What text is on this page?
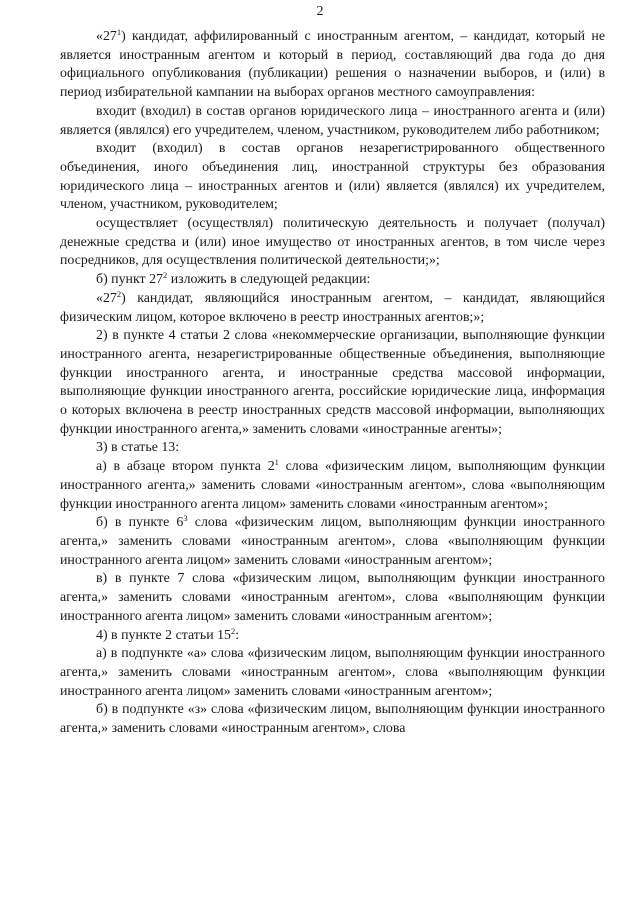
2

«$27^1$) кандидат, аффилированный с иностранным агентом, – кандидат, который не является иностранным агентом и который в период, составляющий два года до дня официального опубликования (публикации) решения о назначении выборов, и (или) в период избирательной кампании на выборах органов местного самоуправления:

входит (входил) в состав органов юридического лица – иностранного агента и (или) является (являлся) его учредителем, членом, участником, руководителем либо работником;

входит (входил) в состав органов незарегистрированного общественного объединения, иного объединения лиц, иностранной структуры без образования юридического лица – иностранных агентов и (или) является (являлся) их учредителем, членом, участником, руководителем;

осуществляет (осуществлял) политическую деятельность и получает (получал) денежные средства и (или) иное имущество от иностранных агентов, в том числе через посредников, для осуществления политической деятельности;»;

б) пункт $27^2$ изложить в следующей редакции:

«$27^2$) кандидат, являющийся иностранным агентом, – кандидат, являющийся физическим лицом, которое включено в реестр иностранных агентов;»;

2) в пункте 4 статьи 2 слова «некоммерческие организации, выполняющие функции иностранного агента, незарегистрированные общественные объединения, выполняющие функции иностранного агента, и иностранные средства массовой информации, выполняющие функции иностранного агента, российские юридические лица, информация о которых включена в реестр иностранных средств массовой информации, выполняющих функции иностранного агента,» заменить словами «иностранные агенты»;

3) в статье 13:

а) в абзаце втором пункта $2^1$ слова «физическим лицом, выполняющим функции иностранного агента,» заменить словами «иностранным агентом», слова «выполняющим функции иностранного агента лицом» заменить словами «иностранным агентом»;

б) в пункте $6^3$ слова «физическим лицом, выполняющим функции иностранного агента,» заменить словами «иностранным агентом», слова «выполняющим функции иностранного агента лицом» заменить словами «иностранным агентом»;

в) в пункте 7 слова «физическим лицом, выполняющим функции иностранного агента,» заменить словами «иностранным агентом», слова «выполняющим функции иностранного агента лицом» заменить словами «иностранным агентом»;

4) в пункте 2 статьи $15^2$:

а) в подпункте «а» слова «физическим лицом, выполняющим функции иностранного агента,» заменить словами «иностранным агентом», слова «выполняющим функции иностранного агента лицом» заменить словами «иностранным агентом»;

б) в подпункте «з» слова «физическим лицом, выполняющим функции иностранного агента,» заменить словами «иностранным агентом», слова
